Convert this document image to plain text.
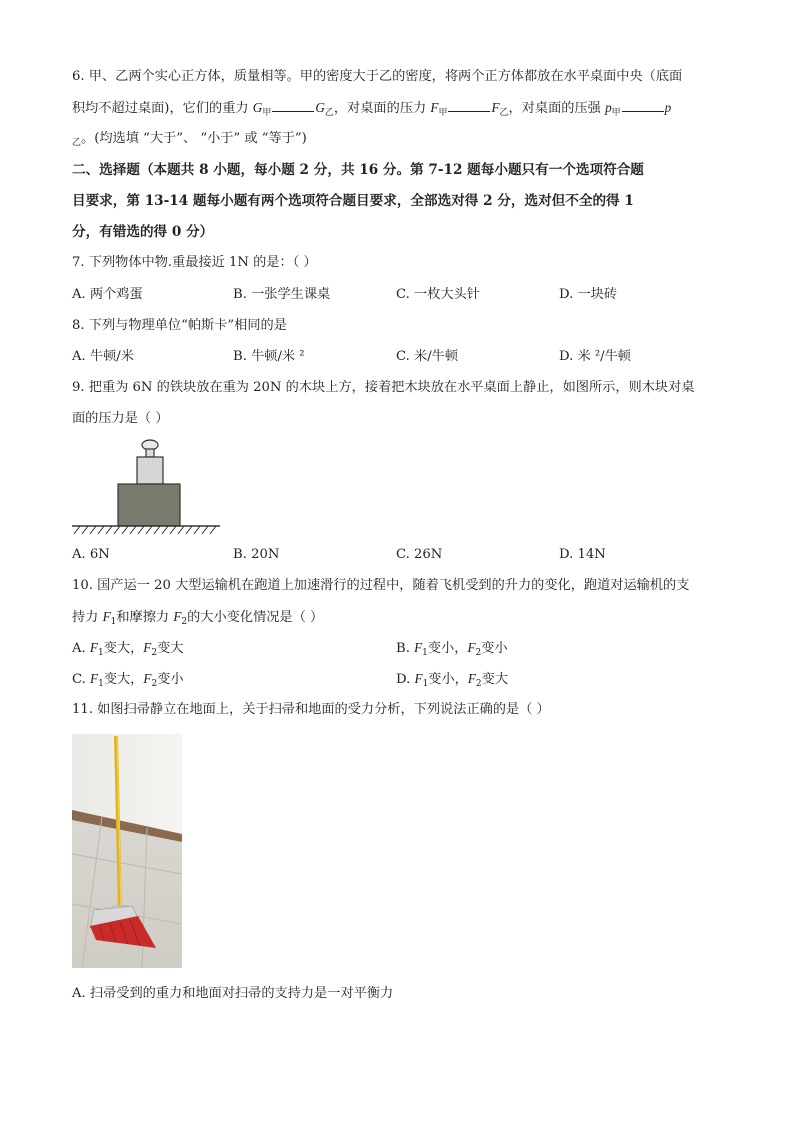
6. 甲、乙两个实心正方体，质量相等。甲的密度大于乙的密度，将两个正方体都放在水平桌面中央（底面
积均不超过桌面)，它们的重力 $G_甲$	$G_乙$，对桌面的压力 $F_甲$	$F_乙$，对桌面的压强 $p_甲$	p
$_乙$。(均选填 “大于”、 “小于” 或 “等于”)
二、选择题（本题共 8 小题，每小题 2 分，共 16 分。第 7-12 题每小题只有一个选项符合题
目要求，第 13-14 题每小题有两个选项符合题目要求，全部选对得 2 分，选对但不全的得 1
分，有错选的得 0 分）
7. 下列物体中物.重最接近 1N 的是：（ ）
A. 两个鸡蛋	B. 一张学生课桌	C. 一枚大头针	D. 一块砖
8. 下列与物理单位“帕斯卡”相同的是
A. 牛顿/米	B. 牛顿/米 ²	C. 米/牛顿	D. 米 ²/牛顿
9. 把重为 6N 的铁块放在重为 20N 的木块上方，接着把木块放在水平桌面上静止，如图所示，则木块对桌
面的压力是（ ）
A. 6N	B. 20N	C. 26N	D. 14N
10. 国产运一 20 大型运输机在跑道上加速滑行的过程中，随着飞机受到的升力的变化，跑道对运输机的支
持力 $F_1$和摩擦力 $F_2$的大小变化情况是（ ）
A. $F_1$变大，$F_2$变大	B. $F_1$变小，$F_2$变小
C. $F_1$变大，$F_2$变小	D. $F_1$变小，$F_2$变大
11. 如图扫帚静立在地面上，关于扫帚和地面的受力分析，下列说法正确的是（ ）
A. 扫帚受到的重力和地面对扫帚的支持力是一对平衡力
